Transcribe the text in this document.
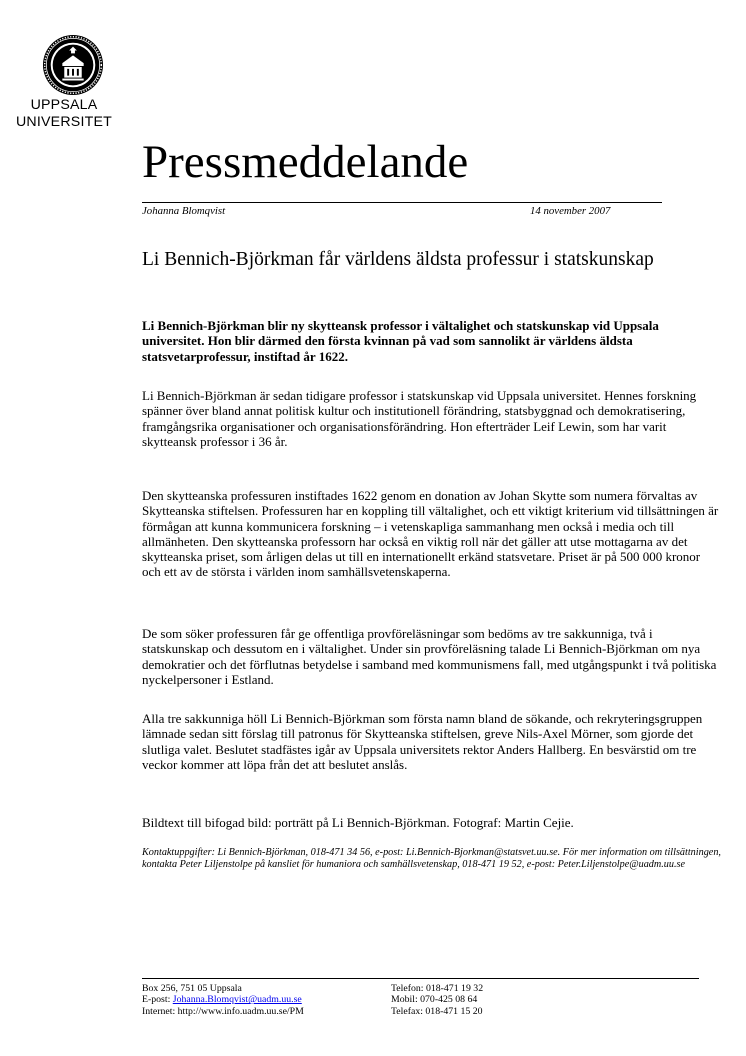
UPPSALA
UNIVERSITET
Pressmeddelande
Johanna Blomqvist	14 november 2007
Li Bennich-Björkman får världens äldsta professur i statskunskap
Li Bennich-Björkman blir ny skytteansk professor i vältalighet och statskunskap vid Uppsala universitet. Hon blir därmed den första kvinnan på vad som sannolikt är världens äldsta statsvetarprofessur, instiftad år 1622.
Li Bennich-Björkman är sedan tidigare professor i statskunskap vid Uppsala universitet. Hennes forskning spänner över bland annat politisk kultur och institutionell förändring, statsbyggnad och demokratisering, framgångsrika organisationer och organisationsförändring. Hon efterträder Leif Lewin, som har varit skytteansk professor i 36 år.
Den skytteanska professuren instiftades 1622 genom en donation av Johan Skytte som numera förvaltas av Skytteanska stiftelsen. Professuren har en koppling till vältalighet, och ett viktigt kriterium vid tillsättningen är förmågan att kunna kommunicera forskning – i vetenskapliga sammanhang men också i media och till allmänheten. Den skytteanska professorn har också en viktig roll när det gäller att utse mottagarna av det skytteanska priset, som årligen delas ut till en internationellt erkänd statsvetare. Priset är på 500 000 kronor och ett av de största i världen inom samhällsvetenskaperna.
De som söker professuren får ge offentliga provföreläsningar som bedöms av tre sakkunniga, två i statskunskap och dessutom en i vältalighet. Under sin provföreläsning talade Li Bennich-Björkman om nya demokratier och det förflutnas betydelse i samband med kommunismens fall, med utgångspunkt i två politiska nyckelpersoner i Estland.
Alla tre sakkunniga höll Li Bennich-Björkman som första namn bland de sökande, och rekryteringsgruppen lämnade sedan sitt förslag till patronus för Skytteanska stiftelsen, greve Nils-Axel Mörner, som gjorde det slutliga valet. Beslutet stadfästes igår av Uppsala universitets rektor Anders Hallberg. En besvärstid om tre veckor kommer att löpa från det att beslutet anslås.
Bildtext till bifogad bild: porträtt på Li Bennich-Björkman. Fotograf: Martin Cejie.
Kontaktuppgifter: Li Bennich-Björkman, 018-471 34 56, e-post: Li.Bennich-Bjorkman@statsvet.uu.se. För mer information om tillsättningen, kontakta Peter Liljenstolpe på kansliet för humaniora och samhällsvetenskap, 018-471 19 52, e-post: Peter.Liljenstolpe@uadm.uu.se
Box 256, 751 05 Uppsala
E-post: Johanna.Blomqvist@uadm.uu.se
Internet: http://www.info.uadm.uu.se/PM
Telefon: 018-471 19 32
Mobil: 070-425 08 64
Telefax: 018-471 15 20
